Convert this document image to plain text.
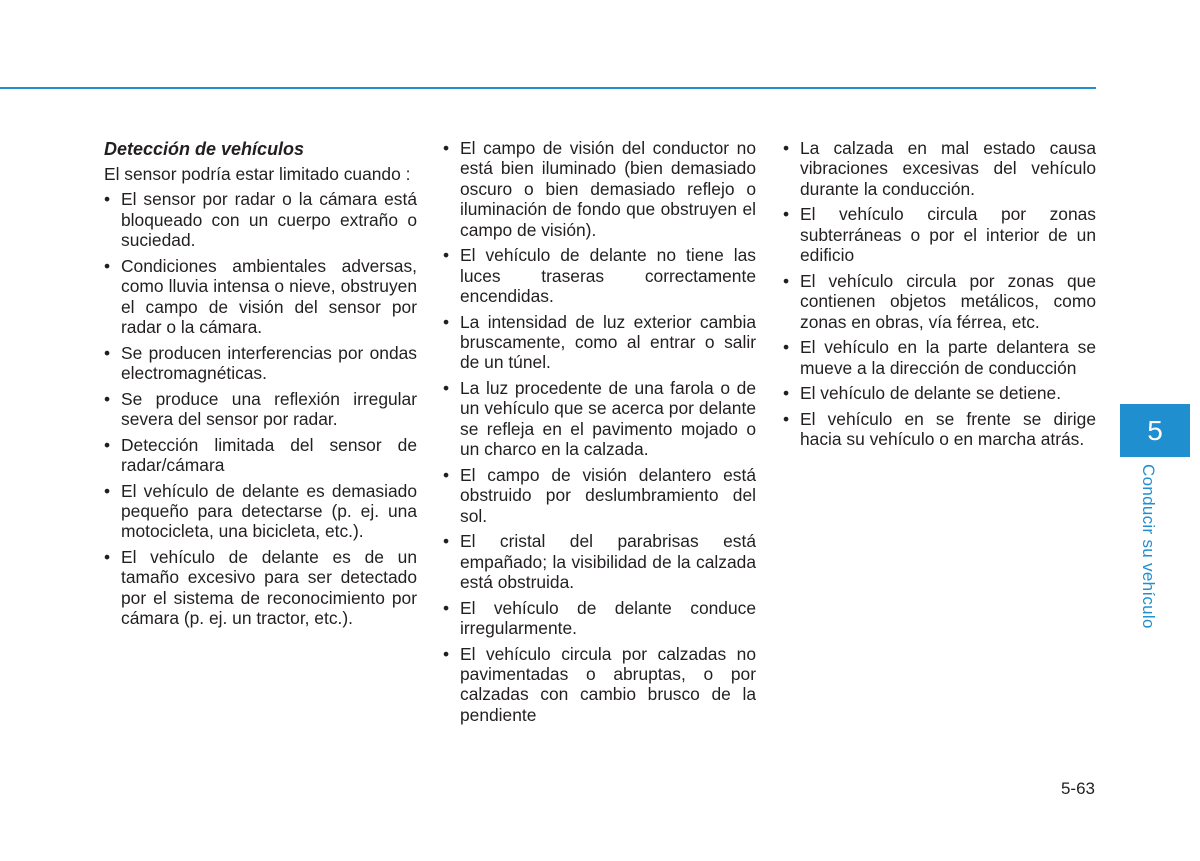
Detección de vehículos
El sensor podría estar limitado cuando :
• El sensor por radar o la cámara está bloqueado con un cuerpo extraño o suciedad.
• Condiciones ambientales adversas, como lluvia intensa o nieve, obstruyen el campo de visión del sensor por radar o la cámara.
• Se producen interferencias por ondas electromagnéticas.
• Se produce una reflexión irregular severa del sensor por radar.
• Detección limitada del sensor de radar/cámara
• El vehículo de delante es demasiado pequeño para detectarse (p. ej. una motocicleta, una bicicleta, etc.).
• El vehículo de delante es de un tamaño excesivo para ser detectado por el sistema de reconocimiento por cámara (p. ej. un tractor, etc.).
• El campo de visión del conductor no está bien iluminado (bien demasiado oscuro o bien demasiado reflejo o iluminación de fondo que obstruyen el campo de visión).
• El vehículo de delante no tiene las luces traseras correctamente encendidas.
• La intensidad de luz exterior cambia bruscamente, como al entrar o salir de un túnel.
• La luz procedente de una farola o de un vehículo que se acerca por delante se refleja en el pavimento mojado o un charco en la calzada.
• El campo de visión delantero está obstruido por deslumbramiento del sol.
• El cristal del parabrisas está empañado; la visibilidad de la calzada está obstruida.
• El vehículo de delante conduce irregularmente.
• El vehículo circula por calzadas no pavimentadas o abruptas, o por calzadas con cambio brusco de la pendiente
• La calzada en mal estado causa vibraciones excesivas del vehículo durante la conducción.
• El vehículo circula por zonas subterráneas o por el interior de un edificio
• El vehículo circula por zonas que contienen objetos metálicos, como zonas en obras, vía férrea, etc.
• El vehículo en la parte delantera se mueve a la dirección de conducción
• El vehículo de delante se detiene.
• El vehículo en se frente se dirige hacia su vehículo o en marcha atrás.	5
Conducir su vehículo
5-63
